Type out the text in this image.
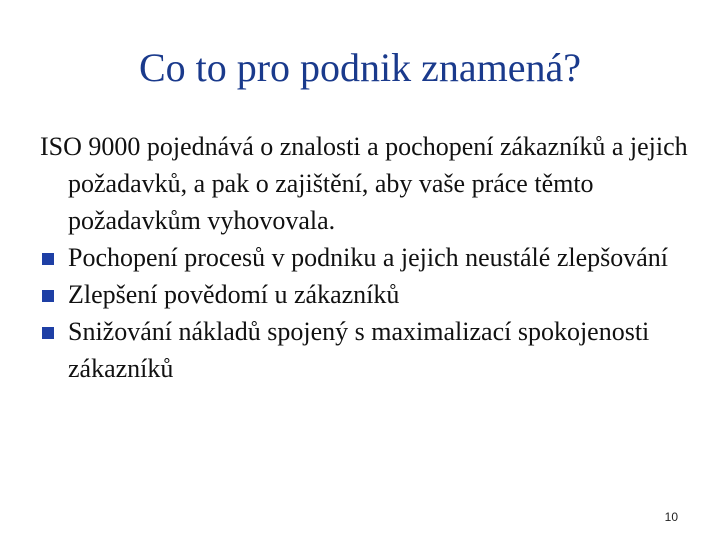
Co to pro podnik znamená?

ISO 9000 pojednává o znalosti a pochopení zákazníků a jejich požadavků, a pak o zajištění, aby vaše práce těmto požadavkům vyhovovala.

Pochopení procesů v podniku a jejich neustálé zlepšování
Zlepšení povědomí u zákazníků
Snižování nákladů spojený s maximalizací spokojenosti zákazníků
10
